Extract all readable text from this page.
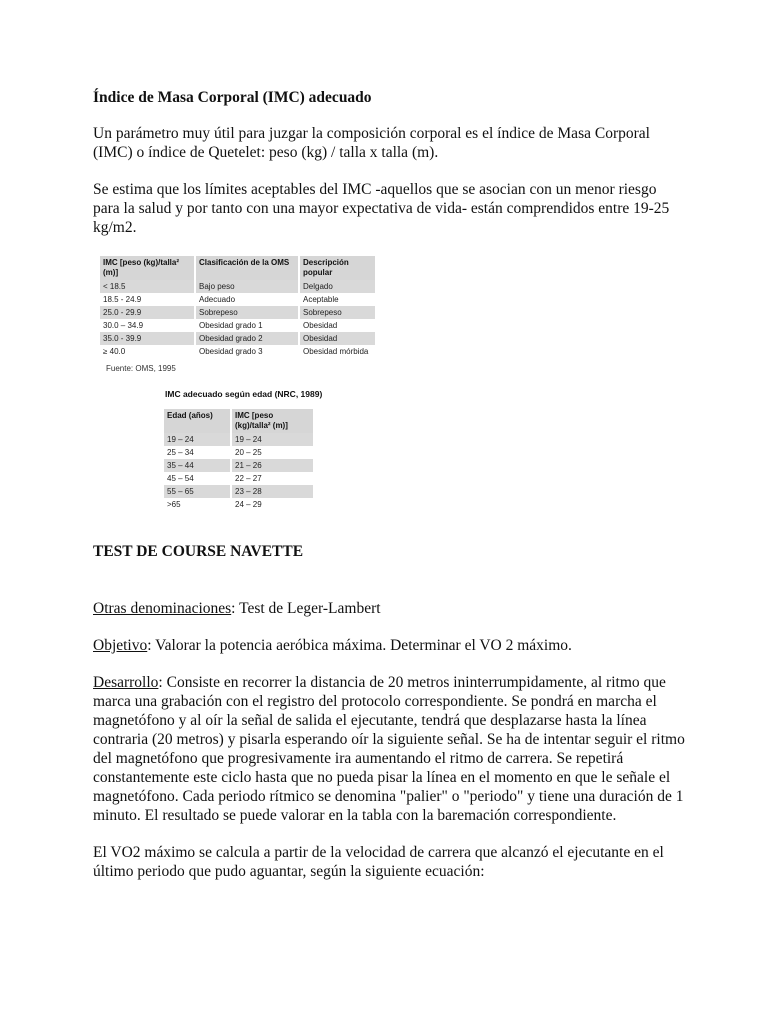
Índice de Masa Corporal (IMC) adecuado

Un parámetro muy útil para juzgar la composición corporal es el índice de Masa Corporal (IMC) o índice de Quetelet: peso (kg) / talla x talla (m).

Se estima que los límites aceptables del IMC -aquellos que se asocian con un menor riesgo para la salud y por tanto con una mayor expectativa de vida- están comprendidos entre 19-25 kg/m2.

IMC [peso (kg)/talla² (m)]	Clasificación de la OMS	Descripción popular
< 18.5	Bajo peso	Delgado
18.5 - 24.9	Adecuado	Aceptable
25.0 - 29.9	Sobrepeso	Sobrepeso
30.0 – 34.9	Obesidad grado 1	Obesidad
35.0 - 39.9	Obesidad grado 2	Obesidad
≥ 40.0	Obesidad grado 3	Obesidad mórbida
Fuente: OMS, 1995
IMC adecuado según edad (NRC, 1989)
Edad (años)	IMC [peso (kg)/talla² (m)]
19 – 24	19 – 24
25 – 34	20 – 25
35 – 44	21 – 26
45 – 54	22 – 27
55 – 65	23 – 28
>65	24 – 29
TEST DE COURSE NAVETTE

Otras denominaciones: Test de Leger-Lambert

Objetivo: Valorar la potencia aeróbica máxima. Determinar el VO 2 máximo.

Desarrollo: Consiste en recorrer la distancia de 20 metros ininterrumpidamente, al ritmo que marca una grabación con el registro del protocolo correspondiente. Se pondrá en marcha el magnetófono y al oír la señal de salida el ejecutante, tendrá que desplazarse hasta la línea contraria (20 metros) y pisarla esperando oír la siguiente señal. Se ha de intentar seguir el ritmo del magnetófono que progresivamente ira aumentando el ritmo de carrera. Se repetirá constantemente este ciclo hasta que no pueda pisar la línea en el momento en que le señale el magnetófono. Cada periodo rítmico se denomina "palier" o "periodo" y tiene una duración de 1 minuto. El resultado se puede valorar en la tabla con la baremación correspondiente.

El VO2 máximo se calcula a partir de la velocidad de carrera que alcanzó el ejecutante en el último periodo que pudo aguantar, según la siguiente ecuación:
